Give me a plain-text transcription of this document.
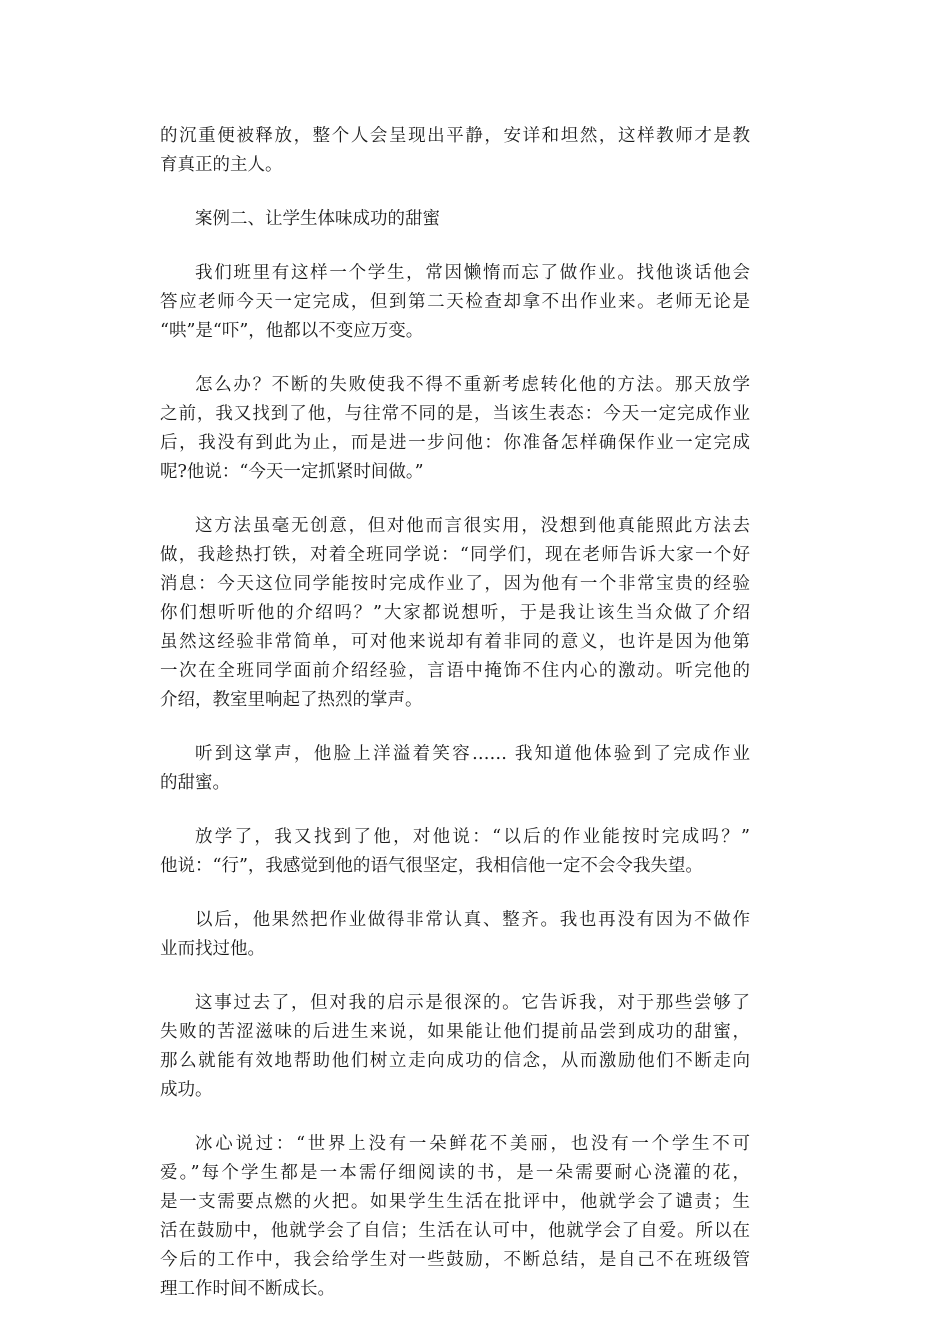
的沉重便被释放，整个人会呈现出平静，安详和坦然，这样教师才是教
育真正的主人。
案例二、让学生体味成功的甜蜜
我们班里有这样一个学生，常因懒惰而忘了做作业。找他谈话他会
答应老师今天一定完成，但到第二天检查却拿不出作业来。老师无论是
“哄”是“吓”，他都以不变应万变。
怎么办？不断的失败使我不得不重新考虑转化他的方法。那天放学
之前，我又找到了他，与往常不同的是，当该生表态：今天一定完成作业
后，我没有到此为止，而是进一步问他：你准备怎样确保作业一定完成
呢?他说：“今天一定抓紧时间做。”
这方法虽毫无创意，但对他而言很实用，没想到他真能照此方法去
做，我趁热打铁，对着全班同学说：“同学们，现在老师告诉大家一个好
消息：今天这位同学能按时完成作业了，因为他有一个非常宝贵的经验
你们想听听他的介绍吗？”大家都说想听，于是我让该生当众做了介绍
虽然这经验非常简单，可对他来说却有着非同的意义，也许是因为他第
一次在全班同学面前介绍经验，言语中掩饰不住内心的激动。听完他的
介绍，教室里响起了热烈的掌声。
听到这掌声，他脸上洋溢着笑容…… 我知道他体验到了完成作业
的甜蜜。
放学了，我又找到了他，对他说：“以后的作业能按时完成吗？”
他说：“行”，我感觉到他的语气很坚定，我相信他一定不会令我失望。
以后，他果然把作业做得非常认真、整齐。我也再没有因为不做作
业而找过他。
这事过去了，但对我的启示是很深的。它告诉我，对于那些尝够了
失败的苦涩滋味的后进生来说，如果能让他们提前品尝到成功的甜蜜，
那么就能有效地帮助他们树立走向成功的信念，从而激励他们不断走向
成功。
冰心说过：“世界上没有一朵鲜花不美丽，也没有一个学生不可
爱。”每个学生都是一本需仔细阅读的书，是一朵需要耐心浇灌的花，
是一支需要点燃的火把。如果学生生活在批评中，他就学会了谴责；生
活在鼓励中，他就学会了自信；生活在认可中，他就学会了自爱。所以在
今后的工作中，我会给学生对一些鼓励，不断总结，是自己不在班级管
理工作时间不断成长。
